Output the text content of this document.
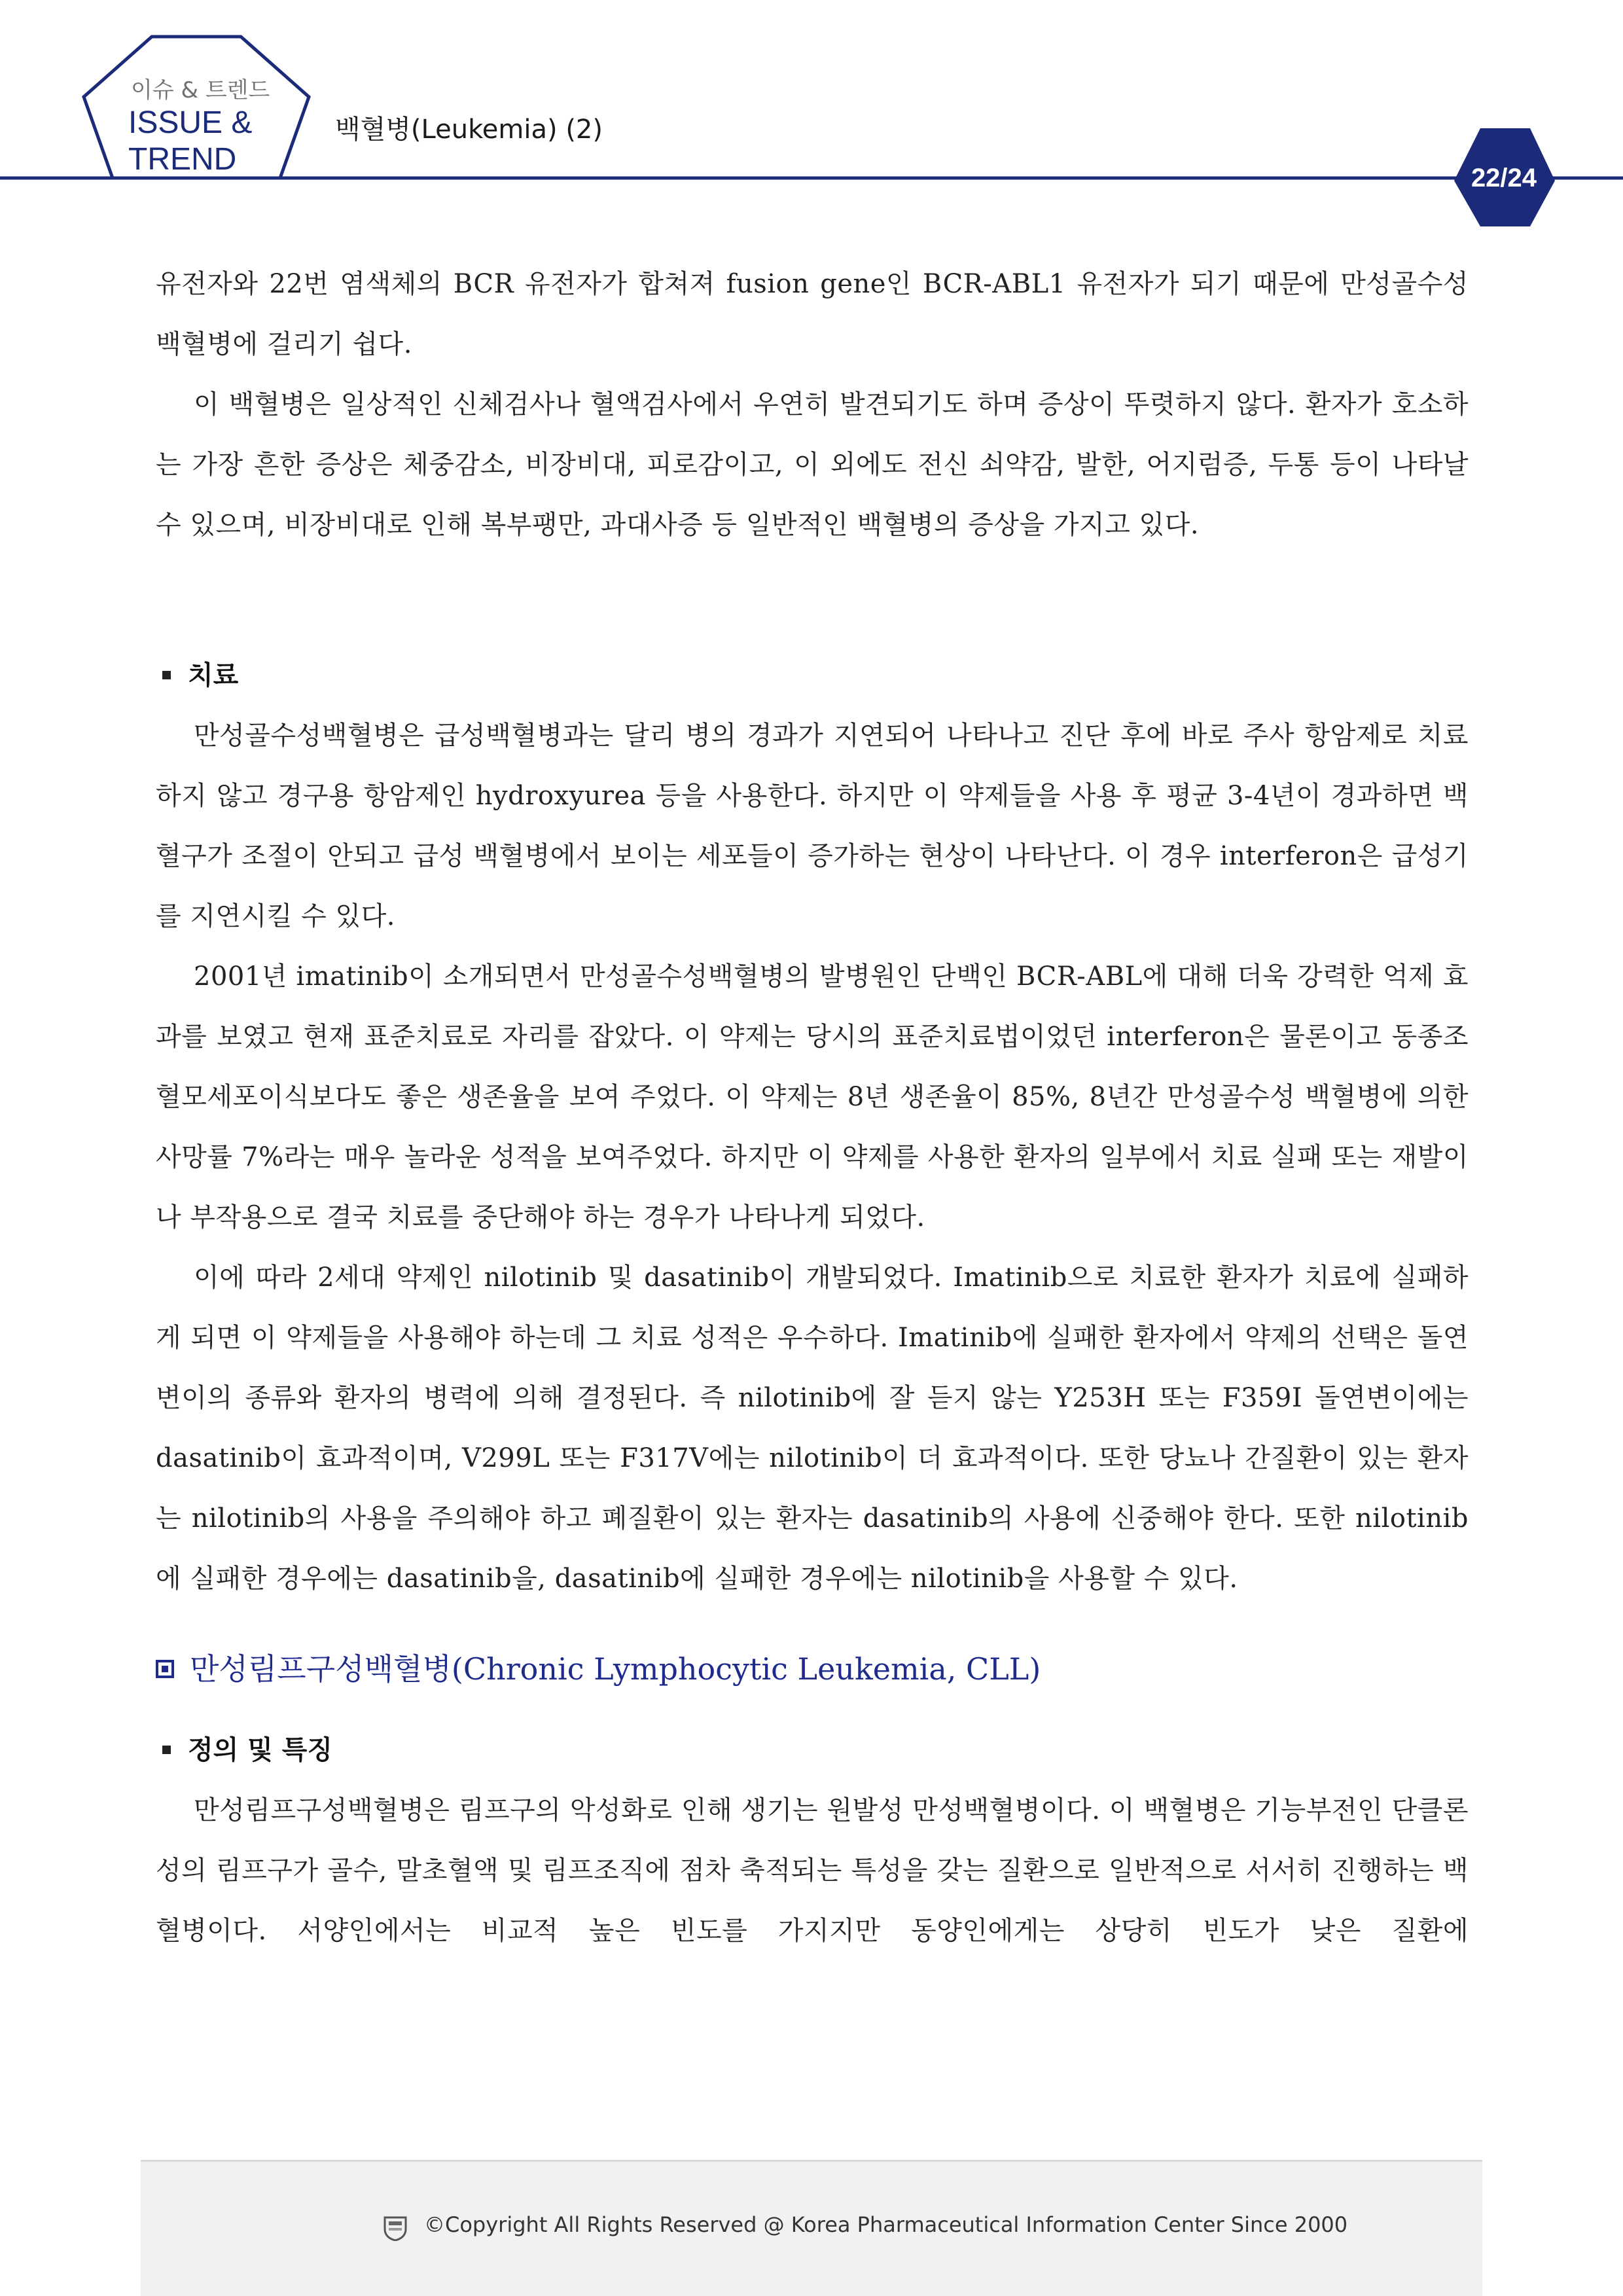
이슈 & 트렌드
ISSUE &
TREND
백혈병(Leukemia) (2)
22/24

유전자와 22번 염색체의 BCR 유전자가 합쳐져 fusion gene인 BCR-ABL1 유전자가 되기 때문에 만성골수성 백혈병에 걸리기 쉽다.

이 백혈병은 일상적인 신체검사나 혈액검사에서 우연히 발견되기도 하며 증상이 뚜렷하지 않다. 환자가 호소하는 가장 흔한 증상은 체중감소, 비장비대, 피로감이고, 이 외에도 전신 쇠약감, 발한, 어지럼증, 두통 등이 나타날 수 있으며, 비장비대로 인해 복부팽만, 과대사증 등 일반적인 백혈병의 증상을 가지고 있다.

치료

만성골수성백혈병은 급성백혈병과는 달리 병의 경과가 지연되어 나타나고 진단 후에 바로 주사 항암제로 치료하지 않고 경구용 항암제인 hydroxyurea 등을 사용한다. 하지만 이 약제들을 사용 후 평균 3-4년이 경과하면 백혈구가 조절이 안되고 급성 백혈병에서 보이는 세포들이 증가하는 현상이 나타난다. 이 경우 interferon은 급성기를 지연시킬 수 있다.

2001년 imatinib이 소개되면서 만성골수성백혈병의 발병원인 단백인 BCR-ABL에 대해 더욱 강력한 억제 효과를 보였고 현재 표준치료로 자리를 잡았다. 이 약제는 당시의 표준치료법이었던 interferon은 물론이고 동종조혈모세포이식보다도 좋은 생존율을 보여 주었다. 이 약제는 8년 생존율이 85%, 8년간 만성골수성 백혈병에 의한 사망률 7%라는 매우 놀라운 성적을 보여주었다. 하지만 이 약제를 사용한 환자의 일부에서 치료 실패 또는 재발이나 부작용으로 결국 치료를 중단해야 하는 경우가 나타나게 되었다.

이에 따라 2세대 약제인 nilotinib 및 dasatinib이 개발되었다. Imatinib으로 치료한 환자가 치료에 실패하게 되면 이 약제들을 사용해야 하는데 그 치료 성적은 우수하다. Imatinib에 실패한 환자에서 약제의 선택은 돌연변이의 종류와 환자의 병력에 의해 결정된다. 즉 nilotinib에 잘 듣지 않는 Y253H 또는 F359I 돌연변이에는 dasatinib이 효과적이며, V299L 또는 F317V에는 nilotinib이 더 효과적이다. 또한 당뇨나 간질환이 있는 환자는 nilotinib의 사용을 주의해야 하고 폐질환이 있는 환자는 dasatinib의 사용에 신중해야 한다. 또한 nilotinib에 실패한 경우에는 dasatinib을, dasatinib에 실패한 경우에는 nilotinib을 사용할 수 있다.

만성림프구성백혈병(Chronic Lymphocytic Leukemia, CLL)
정의 및 특징

만성림프구성백혈병은 림프구의 악성화로 인해 생기는 원발성 만성백혈병이다. 이 백혈병은 기능부전인 단클론성의 림프구가 골수, 말초혈액 및 림프조직에 점차 축적되는 특성을 갖는 질환으로 일반적으로 서서히 진행하는 백혈병이다. 서양인에서는 비교적 높은 빈도를 가지지만 동양인에게는 상당히 빈도가 낮은 질환에

©Copyright All Rights Reserved @ Korea Pharmaceutical Information Center Since 2000
